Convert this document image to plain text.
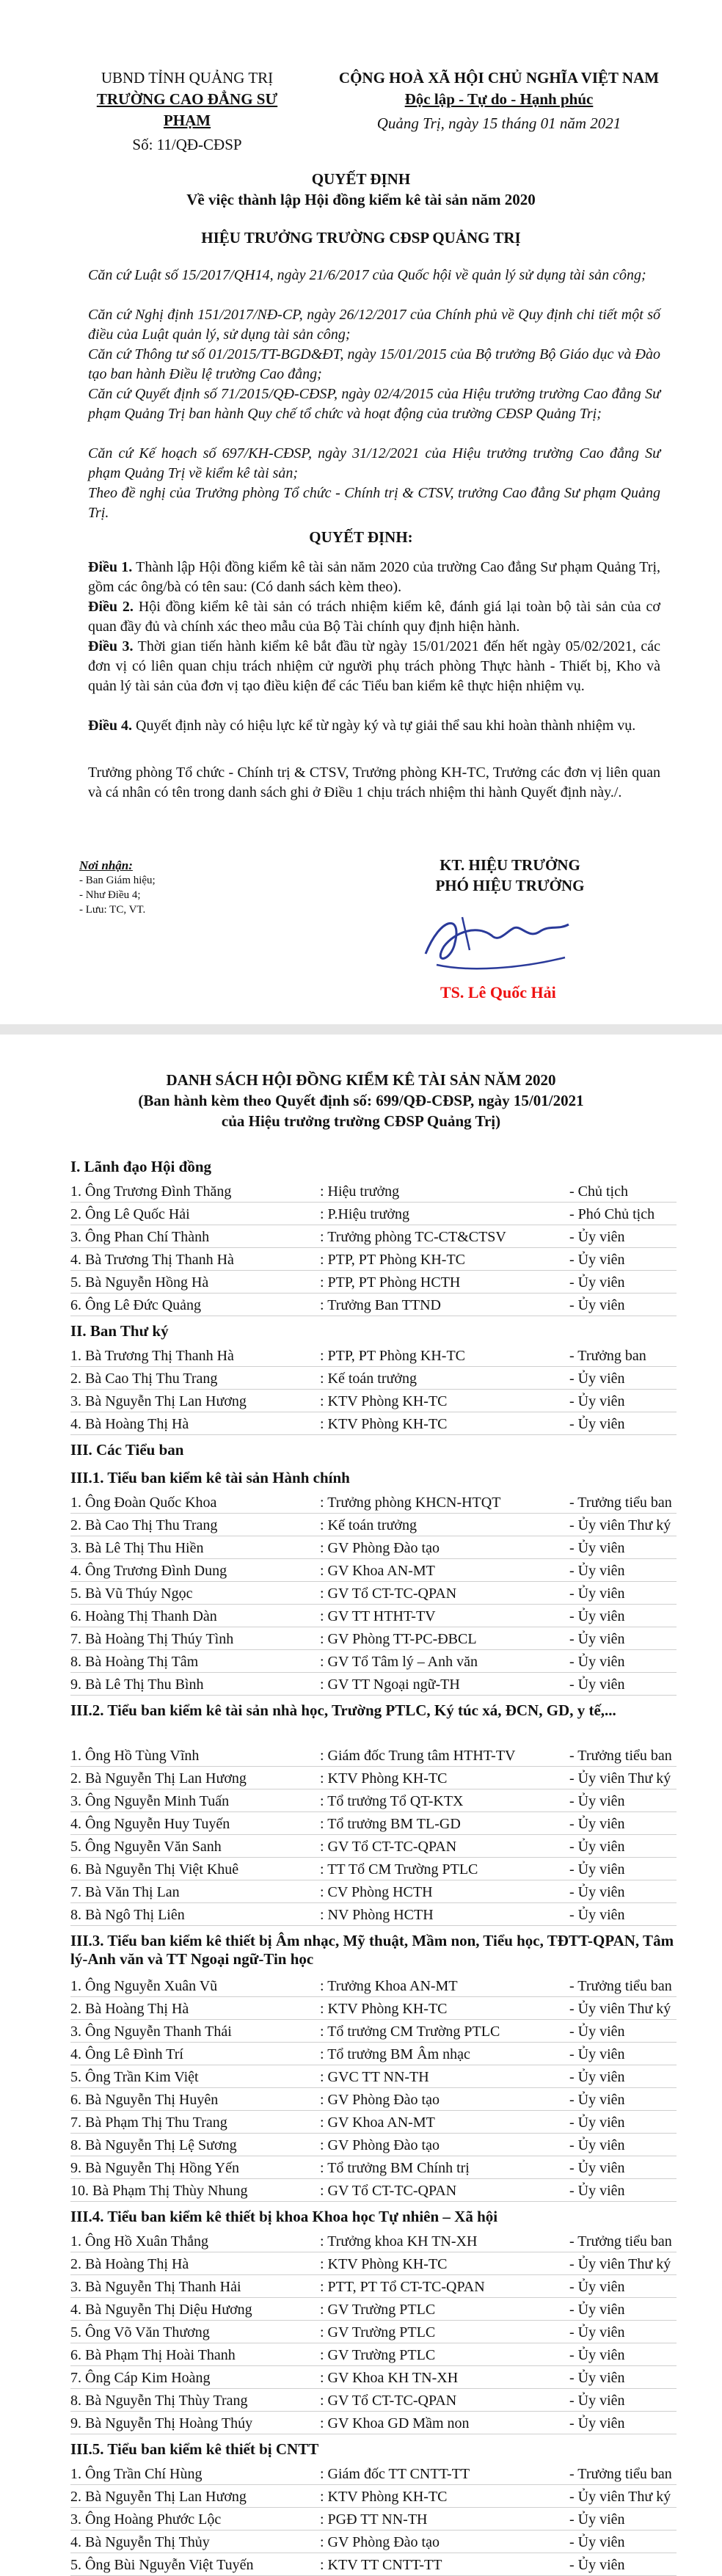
UBND TỈNH QUẢNG TRỊ
TRƯỜNG CAO ĐẲNG SƯ PHẠM
Số: 11/QĐ-CĐSP
CỘNG HOÀ XÃ HỘI CHỦ NGHĨA VIỆT NAM
Độc lập - Tự do - Hạnh phúc
Quảng Trị, ngày 15 tháng 01 năm 2021
QUYẾT ĐỊNH
Về việc thành lập Hội đồng kiểm kê tài sản năm 2020
HIỆU TRƯỞNG TRƯỜNG CĐSP QUẢNG TRỊ
Căn cứ Luật số 15/2017/QH14, ngày 21/6/2017 của Quốc hội về quản lý sử dụng tài sản công;
Căn cứ Nghị định 151/2017/NĐ-CP, ngày 26/12/2017 của Chính phủ về Quy định chi tiết một số điều của Luật quản lý, sử dụng tài sản công;
Căn cứ Thông tư số 01/2015/TT-BGD&ĐT, ngày 15/01/2015 của Bộ trưởng Bộ Giáo dục và Đào tạo ban hành Điều lệ trường Cao đẳng;
Căn cứ Quyết định số 71/2015/QĐ-CĐSP, ngày 02/4/2015 của Hiệu trưởng trường Cao đẳng Sư phạm Quảng Trị ban hành Quy chế tổ chức và hoạt động của trường CĐSP Quảng Trị;
Căn cứ Kế hoạch số 697/KH-CĐSP, ngày 31/12/2021 của Hiệu trưởng trường Cao đẳng Sư phạm Quảng Trị về kiểm kê tài sản;
Theo đề nghị của Trưởng phòng Tổ chức - Chính trị & CTSV, trưởng Cao đẳng Sư phạm Quảng Trị.
QUYẾT ĐỊNH:
Điều 1. Thành lập Hội đồng kiểm kê tài sản năm 2020 của trường Cao đẳng Sư phạm Quảng Trị, gồm các ông/bà có tên sau: (Có danh sách kèm theo).
Điều 2. Hội đồng kiểm kê tài sản có trách nhiệm kiểm kê, đánh giá lại toàn bộ tài sản của cơ quan đầy đủ và chính xác theo mẫu của Bộ Tài chính quy định hiện hành.
Điều 3. Thời gian tiến hành kiểm kê bắt đầu từ ngày 15/01/2021 đến hết ngày 05/02/2021, các đơn vị có liên quan chịu trách nhiệm cử người phụ trách phòng Thực hành - Thiết bị, Kho và quản lý tài sản của đơn vị tạo điều kiện để các Tiểu ban kiểm kê thực hiện nhiệm vụ.
Điều 4. Quyết định này có hiệu lực kể từ ngày ký và tự giải thể sau khi hoàn thành nhiệm vụ.
Trưởng phòng Tổ chức - Chính trị & CTSV, Trưởng phòng KH-TC, Trưởng các đơn vị liên quan và cá nhân có tên trong danh sách ghi ở Điều 1 chịu trách nhiệm thi hành Quyết định này./.
Nơi nhận:
- Ban Giám hiệu;
- Như Điều 4;
- Lưu: TC, VT.
KT. HIỆU TRƯỞNG
PHÓ HIỆU TRƯỞNG
TS. Lê Quốc Hải
DANH SÁCH HỘI ĐỒNG KIỂM KÊ TÀI SẢN NĂM 2020
(Ban hành kèm theo Quyết định số: 699/QĐ-CĐSP, ngày 15/01/2021
của Hiệu trưởng trường CĐSP Quảng Trị)
I. Lãnh đạo Hội đồng
1. Ông Trương Đình Thăng	: Hiệu trưởng	- Chủ tịch
2. Ông Lê Quốc Hải	: P.Hiệu trưởng	- Phó Chủ tịch
3. Ông Phan Chí Thành	: Trưởng phòng TC-CT&CTSV	- Ủy viên
4. Bà Trương Thị Thanh Hà	: PTP, PT Phòng KH-TC	- Ủy viên
5. Bà Nguyễn Hồng Hà	: PTP, PT Phòng HCTH	- Ủy viên
6. Ông Lê Đức Quảng	: Trưởng Ban TTND	- Ủy viên
II. Ban Thư ký
1. Bà Trương Thị Thanh Hà	: PTP, PT Phòng KH-TC	- Trưởng ban
2. Bà Cao Thị Thu Trang	: Kế toán trưởng	- Ủy viên
3. Bà Nguyễn Thị Lan Hương	: KTV Phòng KH-TC	- Ủy viên
4. Bà Hoàng Thị Hà	: KTV Phòng KH-TC	- Ủy viên
III. Các Tiểu ban
III.1. Tiểu ban kiểm kê tài sản Hành chính
1. Ông Đoàn Quốc Khoa	: Trưởng phòng KHCN-HTQT	- Trưởng tiểu ban
2. Bà Cao Thị Thu Trang	: Kế toán trưởng	- Ủy viên Thư ký
3. Bà Lê Thị Thu Hiền	: GV Phòng Đào tạo	- Ủy viên
4. Ông Trương Đình Dung	: GV Khoa AN-MT	- Ủy viên
5. Bà Vũ Thúy Ngọc	: GV Tổ CT-TC-QPAN	- Ủy viên
6. Hoàng Thị Thanh Dàn	: GV TT HTHT-TV	- Ủy viên
7. Bà Hoàng Thị Thúy Tình	: GV Phòng TT-PC-ĐBCL	- Ủy viên
8. Bà Hoàng Thị Tâm	: GV Tổ Tâm lý – Anh văn	- Ủy viên
9. Bà Lê Thị Thu Bình	: GV TT Ngoại ngữ-TH	- Ủy viên
III.2. Tiểu ban kiểm kê tài sản nhà học, Trường PTLC, Ký túc xá, ĐCN, GD, y tế,...
1. Ông Hồ Tùng Vĩnh	: Giám đốc Trung tâm HTHT-TV	- Trưởng tiểu ban
2. Bà Nguyễn Thị Lan Hương	: KTV Phòng KH-TC	- Ủy viên Thư ký
3. Ông Nguyễn Minh Tuấn	: Tổ trưởng Tổ QT-KTX	- Ủy viên
4. Ông Nguyễn Huy Tuyến	: Tổ trưởng BM TL-GD	- Ủy viên
5. Ông Nguyễn Văn Sanh	: GV Tổ CT-TC-QPAN	- Ủy viên
6. Bà Nguyễn Thị Việt Khuê	: TT Tổ CM Trường PTLC	- Ủy viên
7. Bà Văn Thị Lan	: CV Phòng HCTH	- Ủy viên
8. Bà Ngô Thị Liên	: NV Phòng HCTH	- Ủy viên
III.3. Tiểu ban kiểm kê thiết bị Âm nhạc, Mỹ thuật, Mầm non, Tiểu học, TĐTT-QPAN, Tâm lý-Anh văn và TT Ngoại ngữ-Tin học
1. Ông Nguyễn Xuân Vũ	: Trưởng Khoa AN-MT	- Trưởng tiểu ban
2. Bà Hoàng Thị Hà	: KTV Phòng KH-TC	- Ủy viên Thư ký
3. Ông Nguyễn Thanh Thái	: Tổ trưởng CM Trường PTLC	- Ủy viên
4. Ông Lê Đình Trí	: Tổ trưởng BM Âm nhạc	- Ủy viên
5. Ông Trần Kim Việt	: GVC TT NN-TH	- Ủy viên
6. Bà Nguyễn Thị Huyên	: GV Phòng Đào tạo	- Ủy viên
7. Bà Phạm Thị Thu Trang	: GV Khoa AN-MT	- Ủy viên
8. Bà Nguyễn Thị Lệ Sương	: GV Phòng Đào tạo	- Ủy viên
9. Bà Nguyễn Thị Hồng Yến	: Tổ trưởng BM Chính trị	- Ủy viên
10. Bà Phạm Thị Thùy Nhung	: GV Tổ CT-TC-QPAN	- Ủy viên
III.4. Tiểu ban kiểm kê thiết bị khoa Khoa học Tự nhiên – Xã hội
1. Ông Hồ Xuân Thắng	: Trưởng khoa KH TN-XH	- Trưởng tiểu ban
2. Bà Hoàng Thị Hà	: KTV Phòng KH-TC	- Ủy viên Thư ký
3. Bà Nguyễn Thị Thanh Hải	: PTT, PT Tổ CT-TC-QPAN	- Ủy viên
4. Bà Nguyễn Thị Diệu Hương	: GV Trường PTLC	- Ủy viên
5. Ông Võ Văn Thương	: GV Trường PTLC	- Ủy viên
6. Bà Phạm Thị Hoài Thanh	: GV Trường PTLC	- Ủy viên
7. Ông Cáp Kim Hoàng	: GV Khoa KH TN-XH	- Ủy viên
8. Bà Nguyễn Thị Thùy Trang	: GV Tổ CT-TC-QPAN	- Ủy viên
9. Bà Nguyễn Thị Hoàng Thúy	: GV Khoa GD Mầm non	- Ủy viên
III.5. Tiểu ban kiểm kê thiết bị CNTT
1. Ông Trần Chí Hùng	: Giám đốc TT CNTT-TT	- Trưởng tiểu ban
2. Bà Nguyễn Thị Lan Hương	: KTV Phòng KH-TC	- Ủy viên Thư ký
3. Ông Hoàng Phước Lộc	: PGĐ TT NN-TH	- Ủy viên
4. Bà Nguyễn Thị Thủy	: GV Phòng Đào tạo	- Ủy viên
5. Ông Bùi Nguyễn Việt Tuyến	: KTV TT CNTT-TT	- Ủy viên
